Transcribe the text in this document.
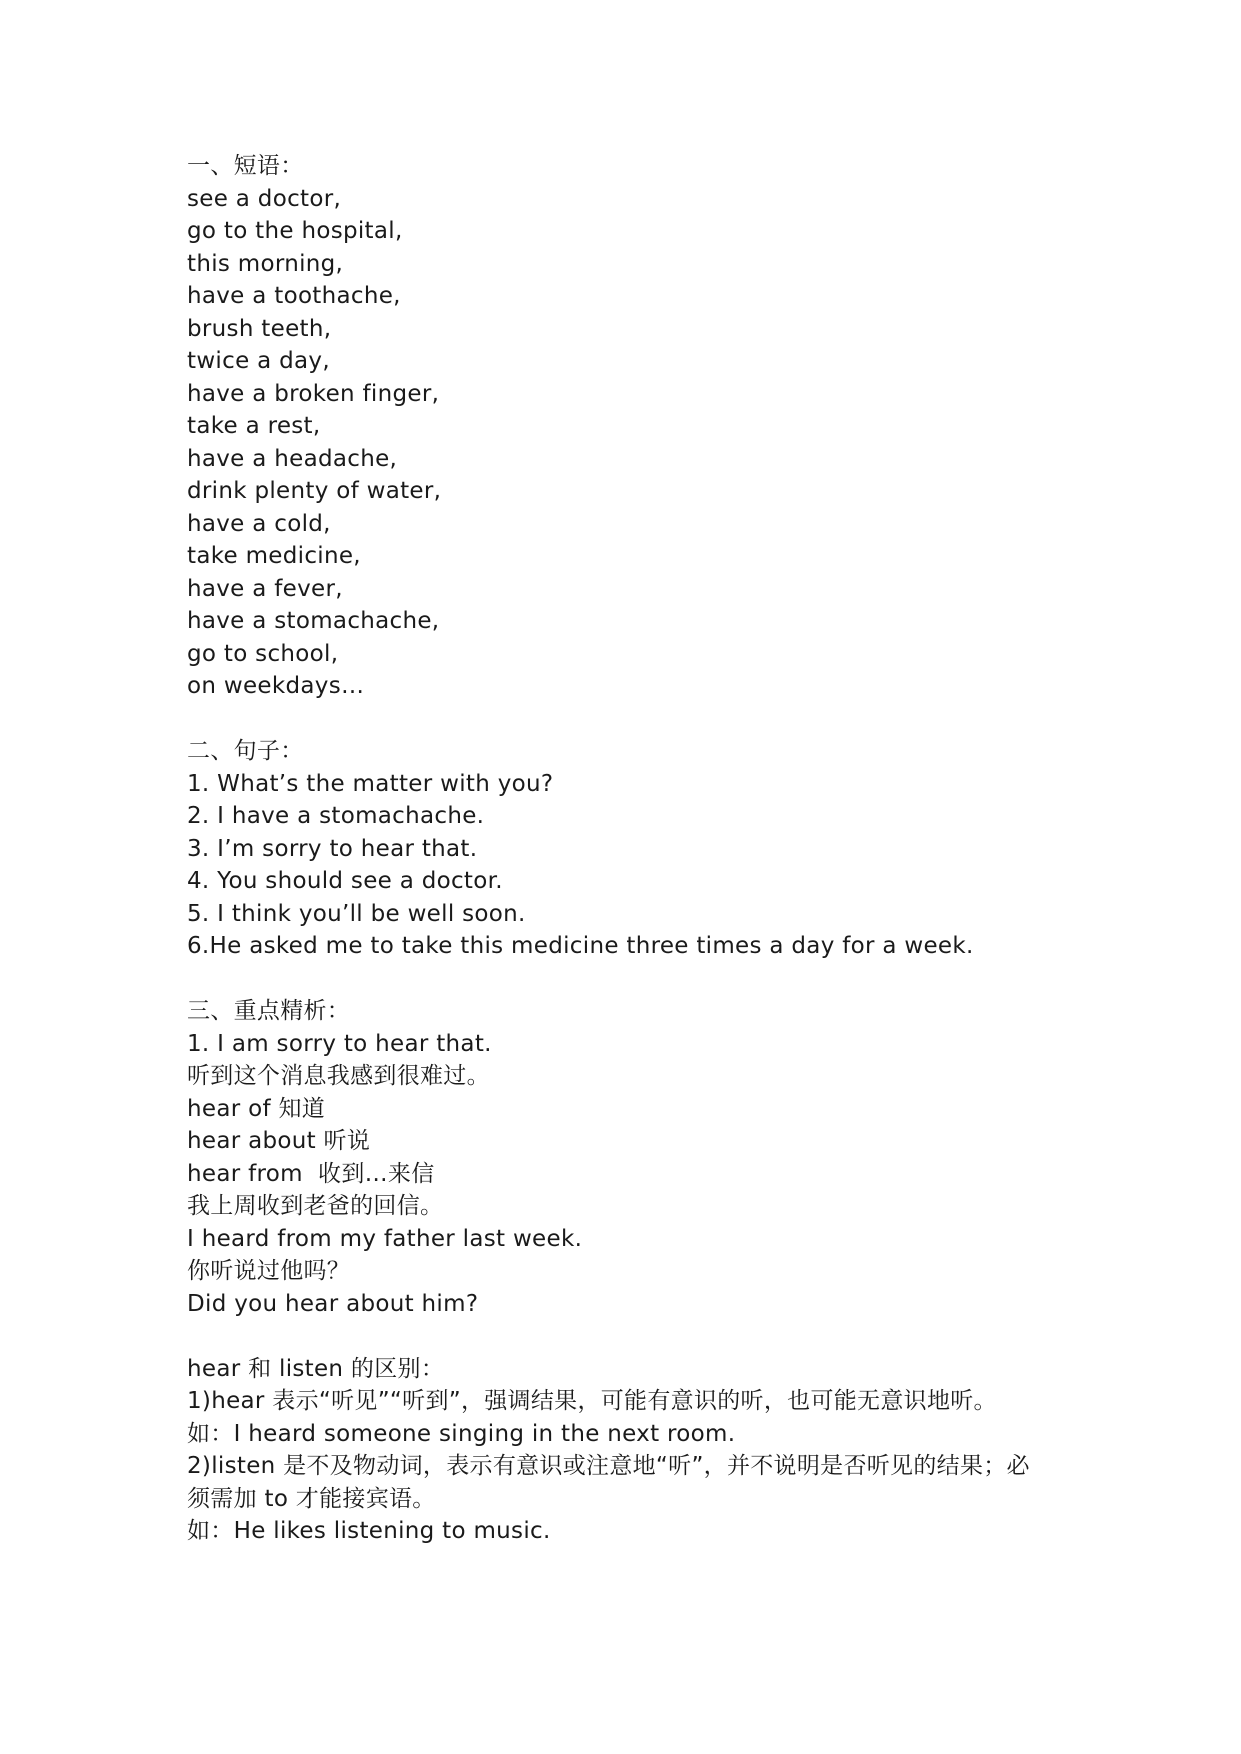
一、短语：
see a doctor,
go to the hospital,
this morning,
have a toothache,
brush teeth,
twice a day,
have a broken finger,
take a rest,
have a headache,
drink plenty of water,
have a cold,
take medicine,
have a fever,
have a stomachache,
go to school,
on weekdays…
二、句子：
1. What’s the matter with you?
2. I have a stomachache.
3. I’m sorry to hear that.
4. You should see a doctor.
5. I think you’ll be well soon.
6.He asked me to take this medicine three times a day for a week.
三、重点精析：
1. I am sorry to hear that.
听到这个消息我感到很难过。
hear of 知道
hear about 听说
hear from  收到…来信
我上周收到老爸的回信。
I heard from my father last week.
你听说过他吗？
Did you hear about him?
hear 和 listen 的区别：
1)hear 表示“听见”“听到”，强调结果，可能有意识的听，也可能无意识地听。
如：I heard someone singing in the next room.
2)listen 是不及物动词，表示有意识或注意地“听”，并不说明是否听见的结果；必
须需加 to 才能接宾语。
如：He likes listening to music.
